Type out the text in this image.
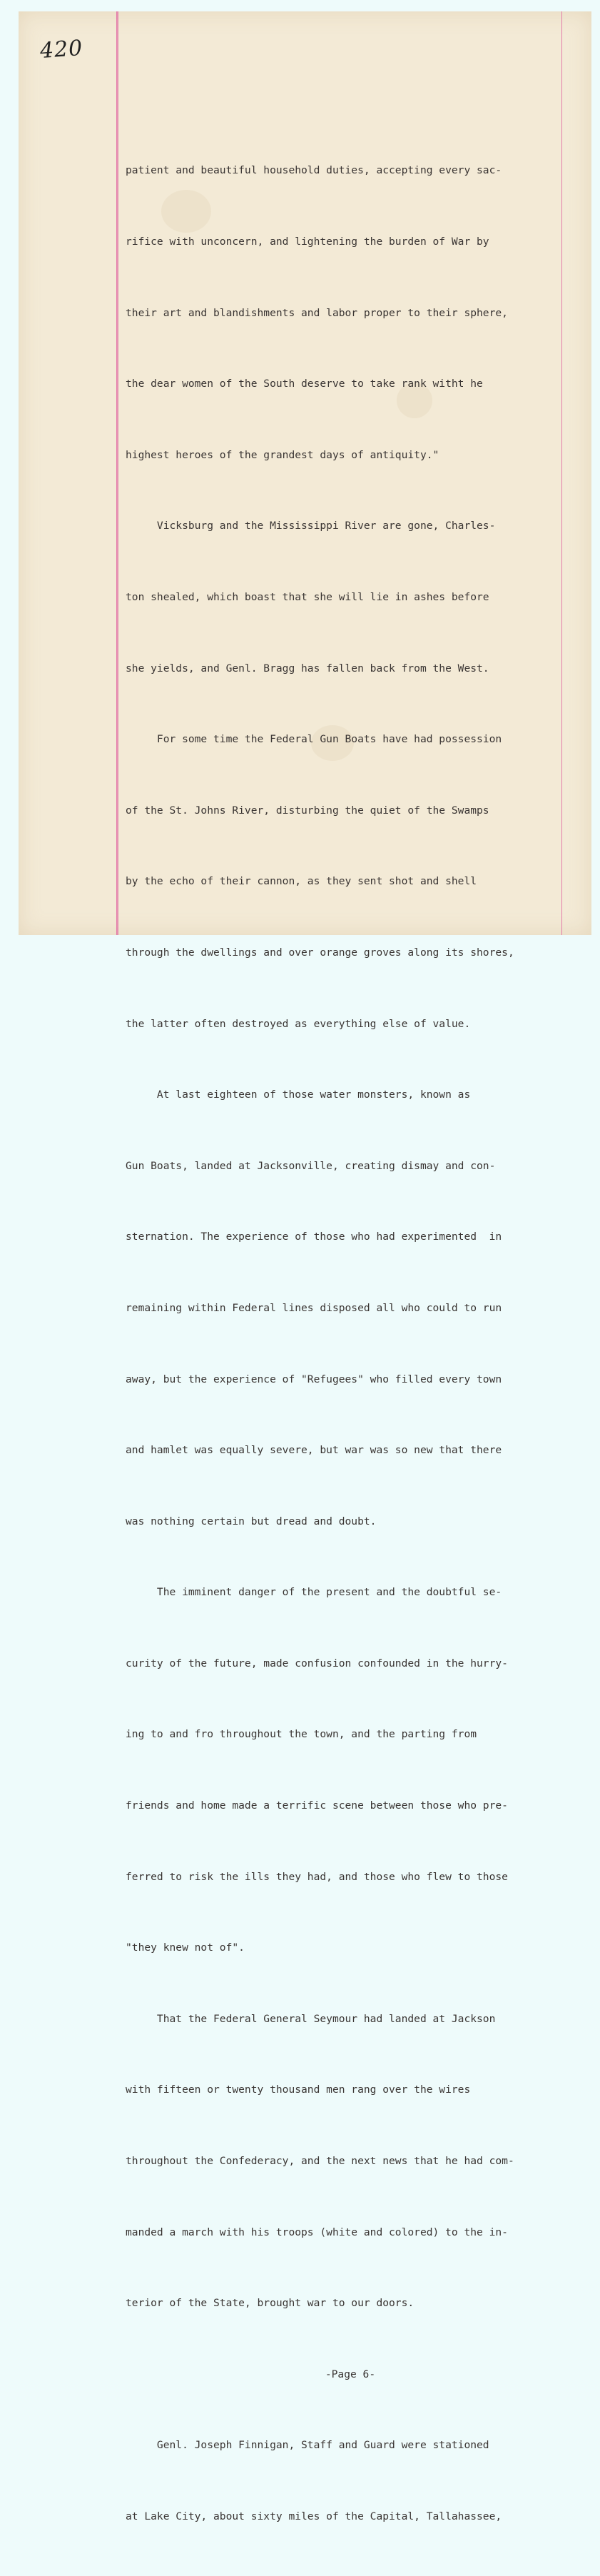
420

patient and beautiful household duties, accepting every sac-

rifice with unconcern, and lightening the burden of War by

their art and blandishments and labor proper to their sphere,

the dear women of the South deserve to take rank witht he

highest heroes of the grandest days of antiquity."

Vicksburg and the Mississippi River are gone, Charles-

ton shealed, which boast that she will lie in ashes before

she yields, and Genl. Bragg has fallen back from the West.

For some time the Federal Gun Boats have had possession

of the St. Johns River, disturbing the quiet of the Swamps

by the echo of their cannon, as they sent shot and shell

through the dwellings and over orange groves along its shores,

the latter often destroyed as everything else of value.

At last eighteen of those water monsters, known as

Gun Boats, landed at Jacksonville, creating dismay and con-

sternation. The experience of those who had experimented  in

remaining within Federal lines disposed all who could to run

away, but the experience of "Refugees" who filled every town

and hamlet was equally severe, but war was so new that there

was nothing certain but dread and doubt.

The imminent danger of the present and the doubtful se-

curity of the future, made confusion confounded in the hurry-

ing to and fro throughout the town, and the parting from

friends and home made a terrific scene between those who pre-

ferred to risk the ills they had, and those who flew to those

"they knew not of".

That the Federal General Seymour had landed at Jackson

with fifteen or twenty thousand men rang over the wires

throughout the Confederacy, and the next news that he had com-

manded a march with his troops (white and colored) to the in-

terior of the State, brought war to our doors.

-Page 6-

Genl. Joseph Finnigan, Staff and Guard were stationed

at Lake City, about sixty miles of the Capital, Tallahassee,
